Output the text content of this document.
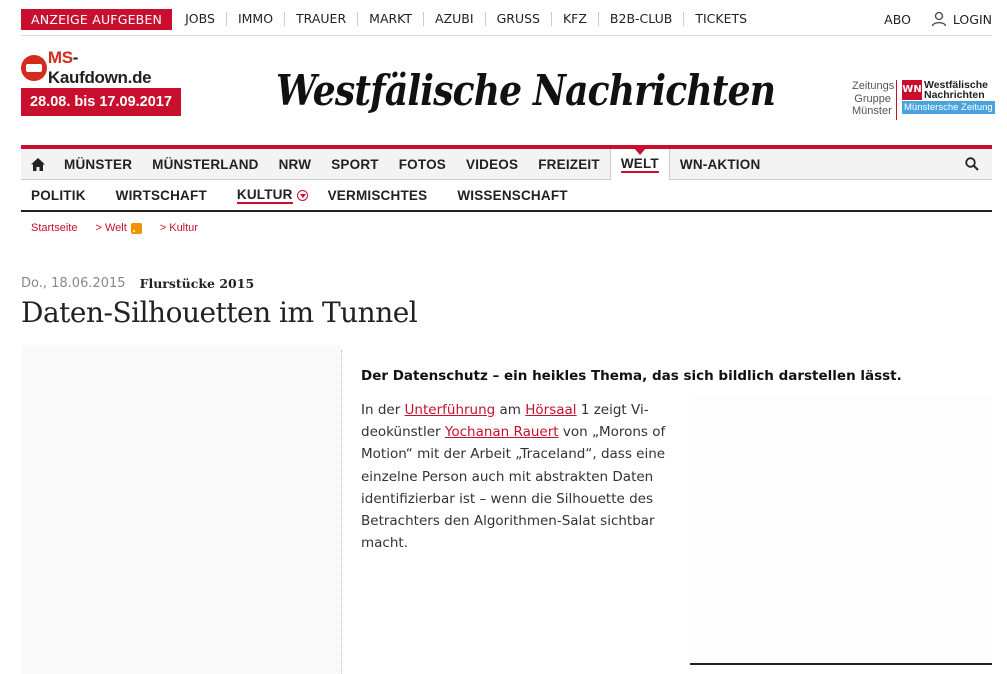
ANZEIGE AUFGEBEN	JOBS	IMMO	TRAUER	MARKT	AZUBI	GRUSS	KFZ	B2B-CLUB	TICKETS	ABO	LOGIN
MS-Kaufdown.de
28.08. bis 17.09.2017 Westfälische Nachrichten	Zeitungs
Gruppe
Münster
WN Westfälische
Nachrichten
Münstersche Zeitung
MÜNSTER MÜNSTERLAND NRW SPORT FOTOS VIDEOS FREIZEIT WELT WN-AKTION
POLITIK WIRTSCHAFT KULTUR	VERMISCHTES WISSENSCHAFT
Startseite > Welt	> Kultur
Do., 18.06.2015 Flurstücke 2015
Daten-Silhouetten im Tunnel

Der Datenschutz – ein heikles Thema, das sich bildlich darstellen lässt.

In der Unterführung am Hörsaal 1 zeigt Videokünstler Yochanan Rauert von „Morons of Motion“ mit der Arbeit „Traceland“, dass eine einzelne Person auch mit abstrakten Daten identifizierbar ist – wenn die Silhouette des Betrachters den Algorithmen-Salat sichtbar macht.
